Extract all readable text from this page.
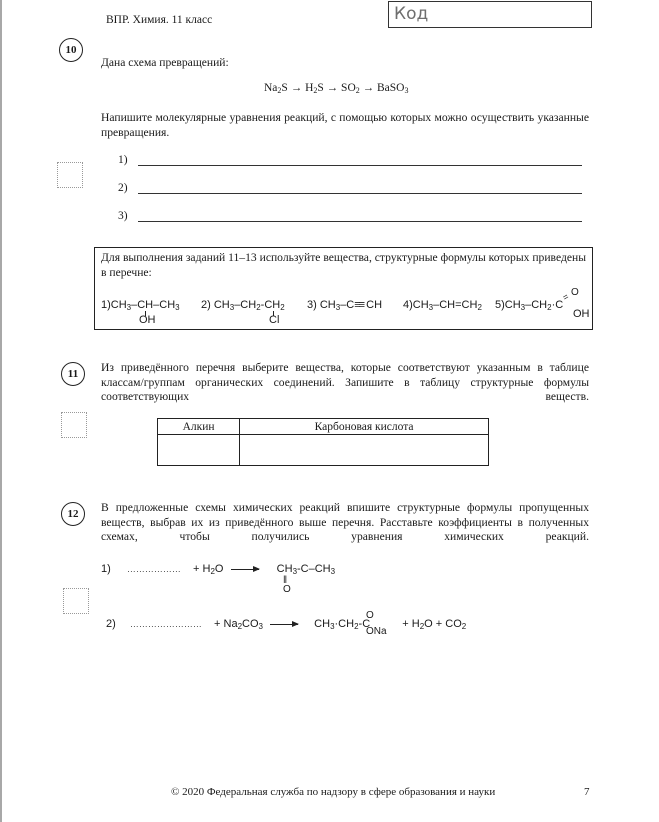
ВПР. Химия. 11 класс	Код
10
Дана схема превращений:
$Na_2S \to H_2S \to SO_2$ → BaSO$_3$
Напишите молекулярные уравнения реакций, с помощью которых можно осуществить указанные превращения.
1)
2)
3)
Для выполнения заданий 11–13 используйте вещества, структурные формулы которых приведены в перечне:
$1)CH_3-CH-CH_3$
OH
2) $CH_3-CH_2-CH_2$
Cl
3) $CH_3-C\equiv\equiv$ CH $4)CH_3-CH=CH_2$ $5)CH_3-CH_2\cdot C$
O
=
OH
11	Из приведённого перечня выберите вещества, которые соответствуют указанным в таблице классам/группам органических соединений. Запишите в таблицу структурные формулы соответствующих веществ.
Алкин	Карбоновая кислота

12	В предложенные схемы химических реакций впишите структурные формулы пропущенных веществ, выбрав их из приведённого выше перечня. Расставьте коэффициенты в полученных схемах, чтобы получились уравнения химических реакций.
1) ……………… + $H_2O \to CH_3-C-CH_3$
‖
O
2) …………………… + $Na_2CO_3 \to CH_3\cdot CH_2-C$	+ $H_2O + CO_2$
O
ONa
© 2020 Федеральная служба по надзору в сфере образования и науки	7
